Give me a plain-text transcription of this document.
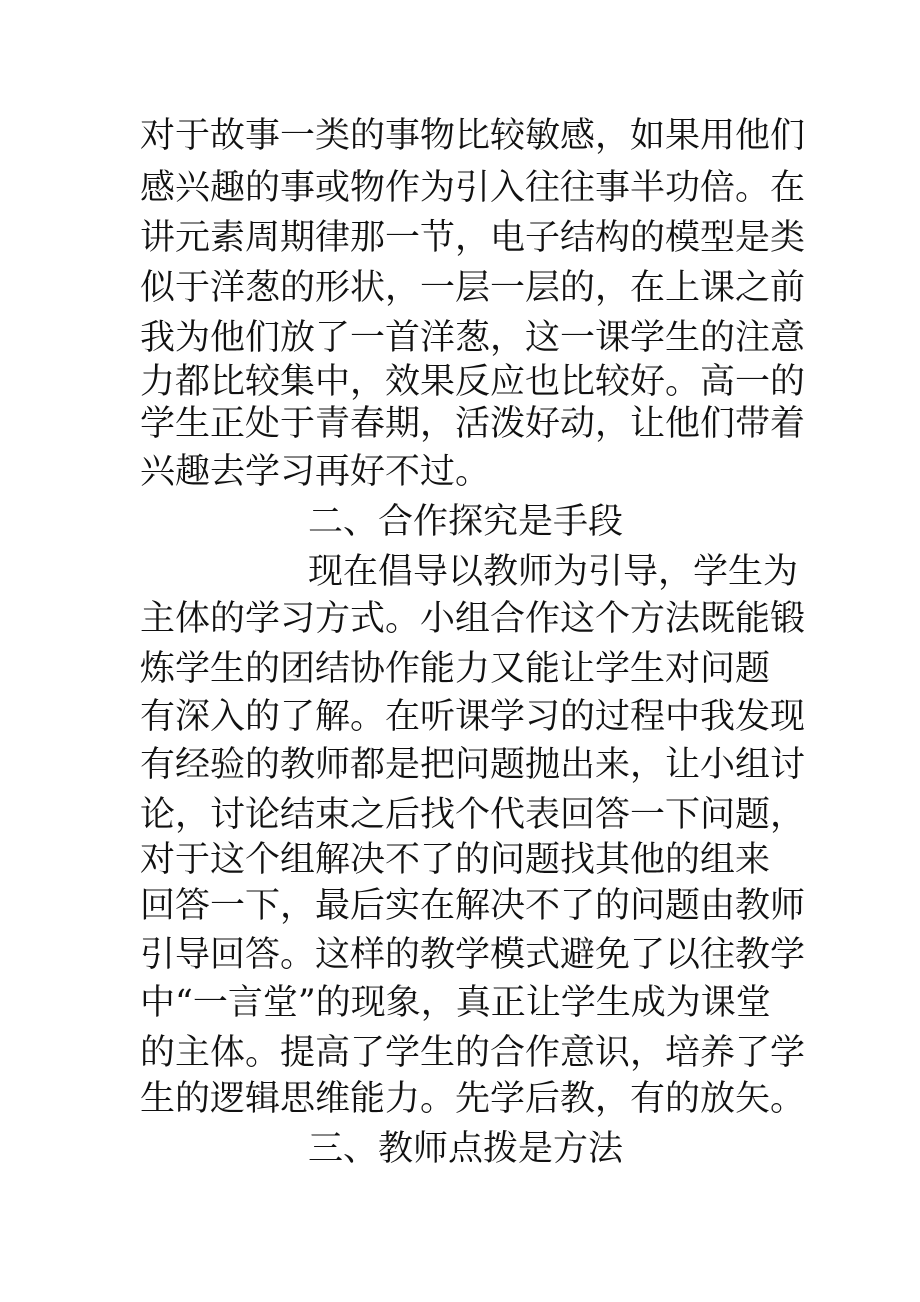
对于故事一类的事物比较敏感，如果用他们
感兴趣的事或物作为引入往往事半功倍。在
讲元素周期律那一节，电子结构的模型是类
似于洋葱的形状，一层一层的，在上课之前
我为他们放了一首洋葱，这一课学生的注意
力都比较集中，效果反应也比较好。高一的
学生正处于青春期，活泼好动，让他们带着
兴趣去学习再好不过。
二、合作探究是手段
现在倡导以教师为引导，学生为
主体的学习方式。小组合作这个方法既能锻
炼学生的团结协作能力又能让学生对问题
有深入的了解。在听课学习的过程中我发现
有经验的教师都是把问题抛出来，让小组讨
论，讨论结束之后找个代表回答一下问题，
对于这个组解决不了的问题找其他的组来
回答一下，最后实在解决不了的问题由教师
引导回答。这样的教学模式避免了以往教学
中“一言堂”的现象，真正让学生成为课堂
的主体。提高了学生的合作意识，培养了学
生的逻辑思维能力。先学后教，有的放矢。
三、教师点拨是方法
